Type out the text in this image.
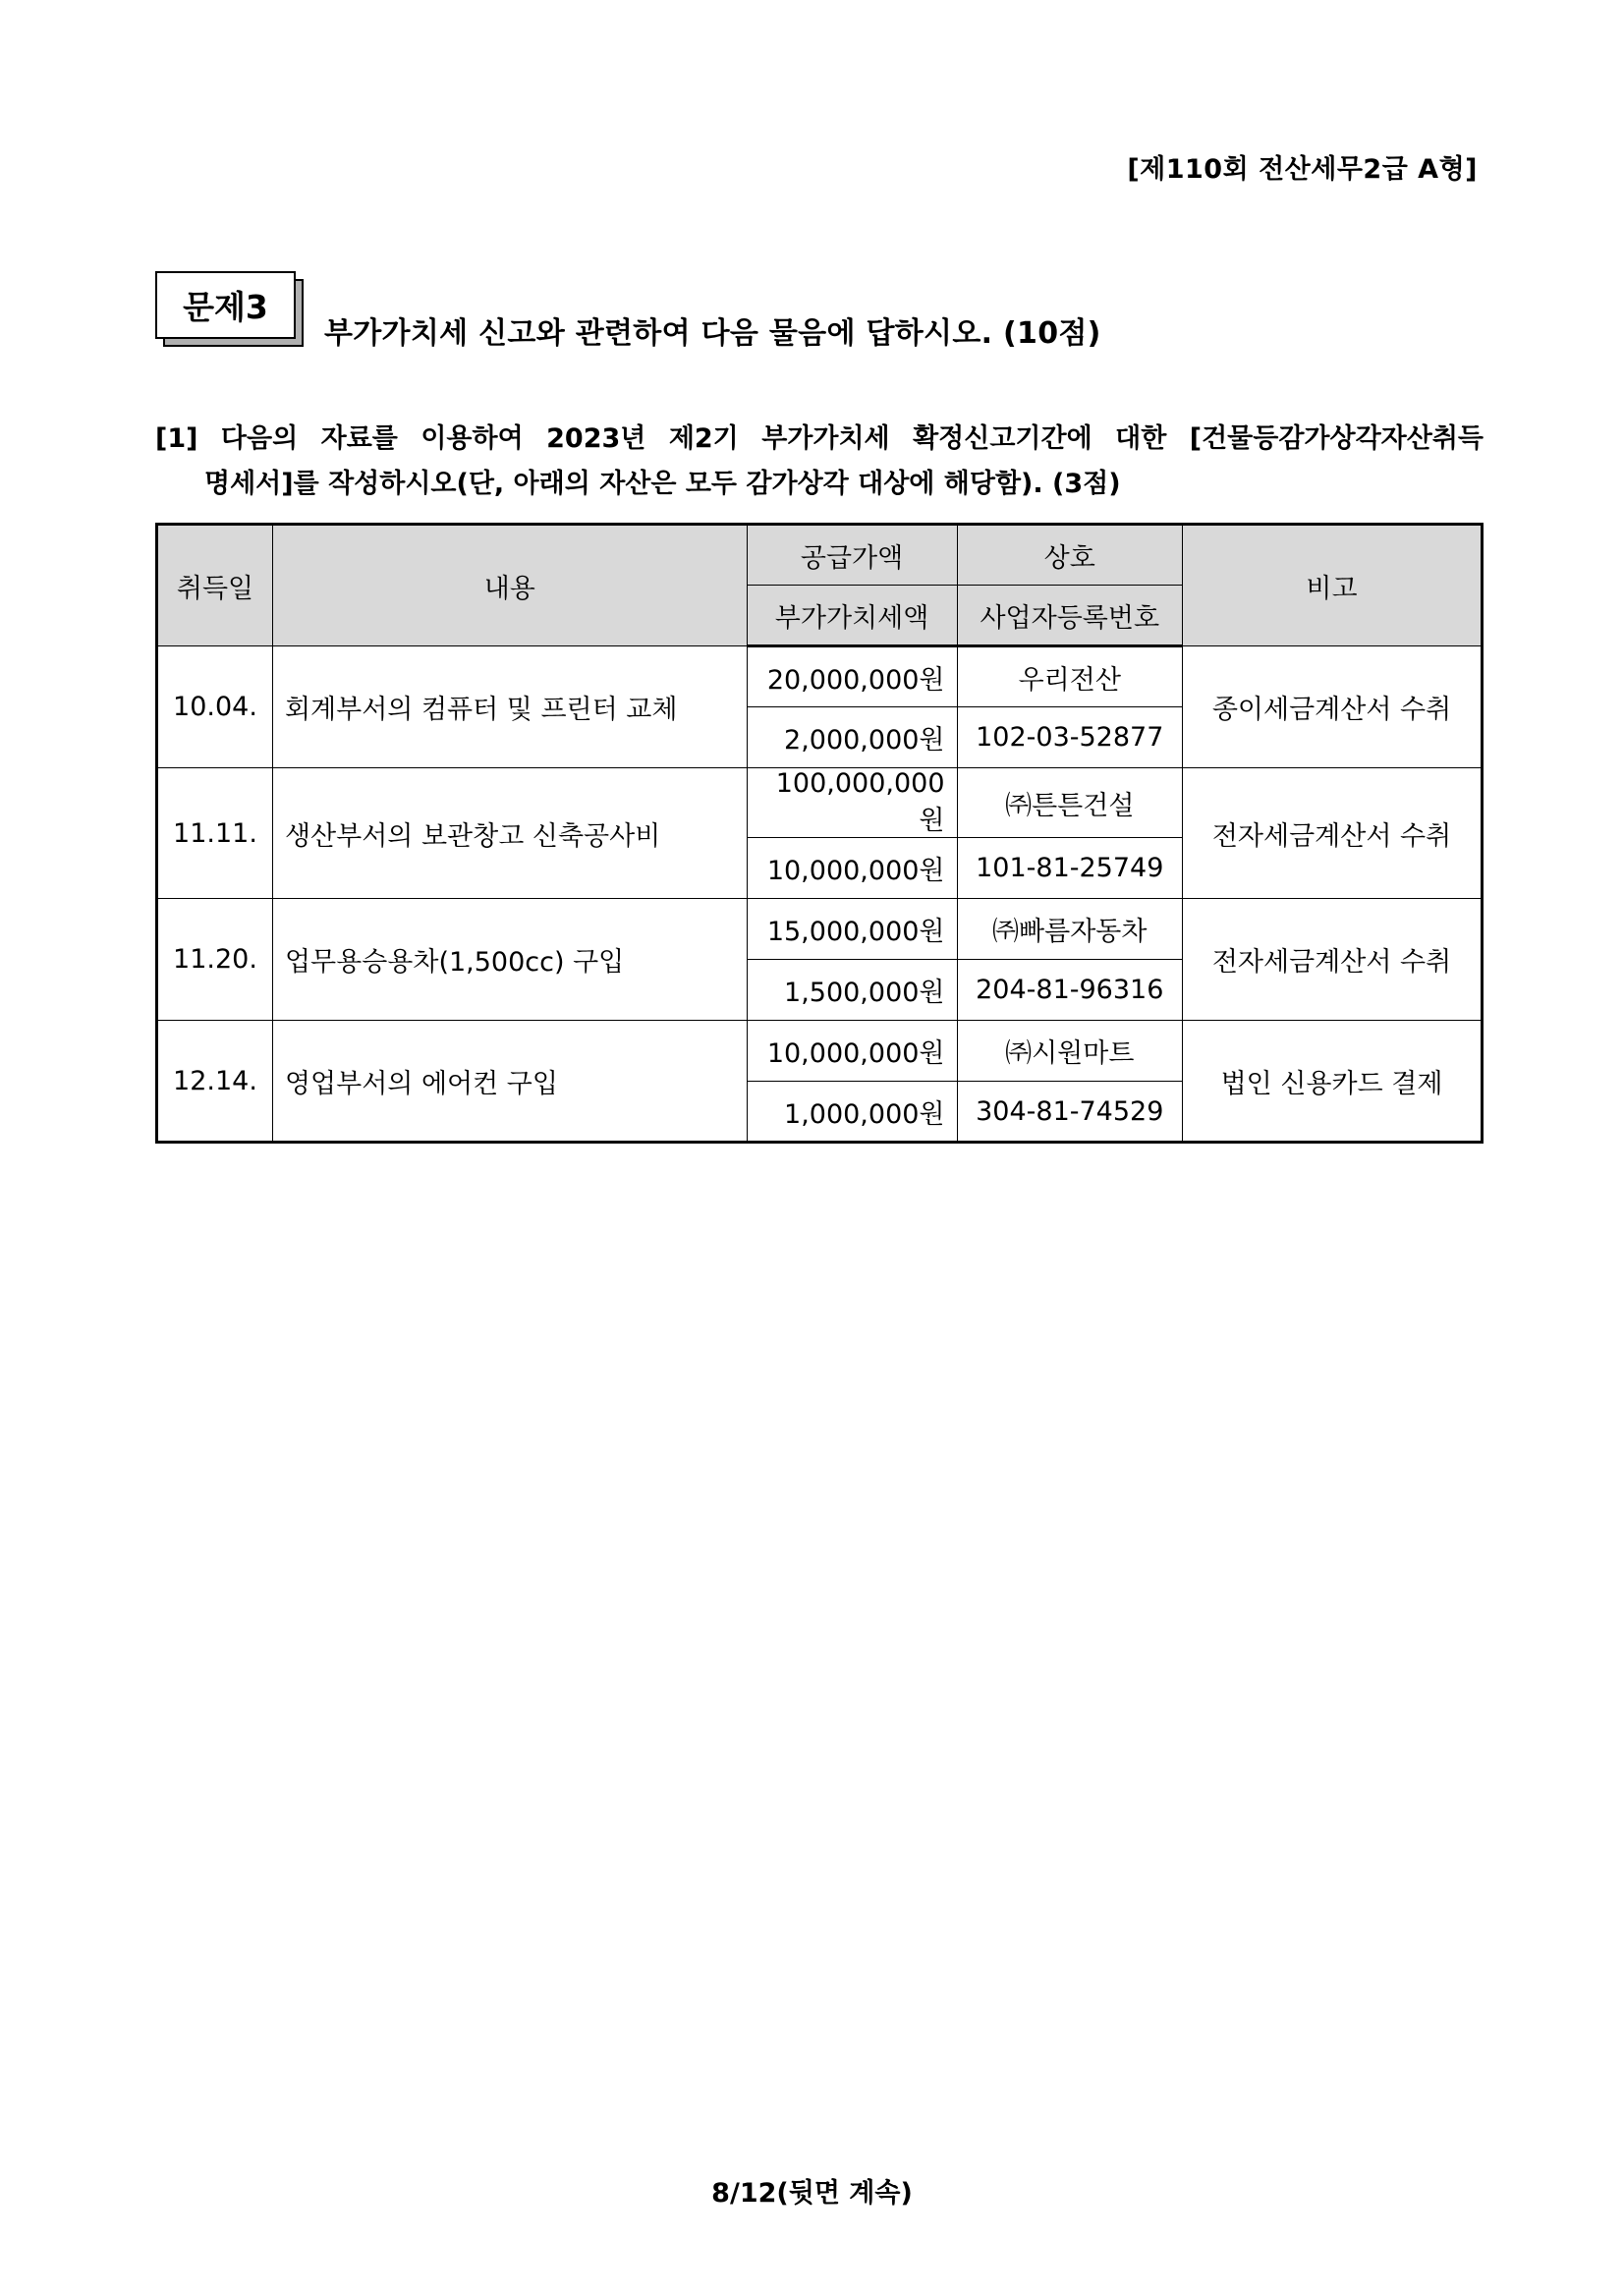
[제110회 전산세무2급 A형]
문제3
부가가치세 신고와 관련하여 다음 물음에 답하시오. (10점)
[1] 다음의 자료를 이용하여 2023년 제2기 부가가치세 확정신고기간에 대한 [건물등감가상각자산취득
명세서]를 작성하시오(단, 아래의 자산은 모두 감가상각 대상에 해당함). (3점)
취득일	내용	공급가액	상호	비고
		부가가치세액	사업자등록번호	
10.04.	회계부서의 컴퓨터 및 프린터 교체	20,000,000원	우리전산	종이세금계산서 수취
		2,000,000원	102-03-52877	
11.11.	생산부서의 보관창고 신축공사비	100,000,000원	㈜튼튼건설	전자세금계산서 수취
		10,000,000원	101-81-25749	
11.20.	업무용승용차(1,500cc) 구입	15,000,000원	㈜빠름자동차	전자세금계산서 수취
		1,500,000원	204-81-96316	
12.14.	영업부서의 에어컨 구입	10,000,000원	㈜시원마트	법인 신용카드 결제
		1,000,000원	304-81-74529	
8/12(뒷면 계속)
